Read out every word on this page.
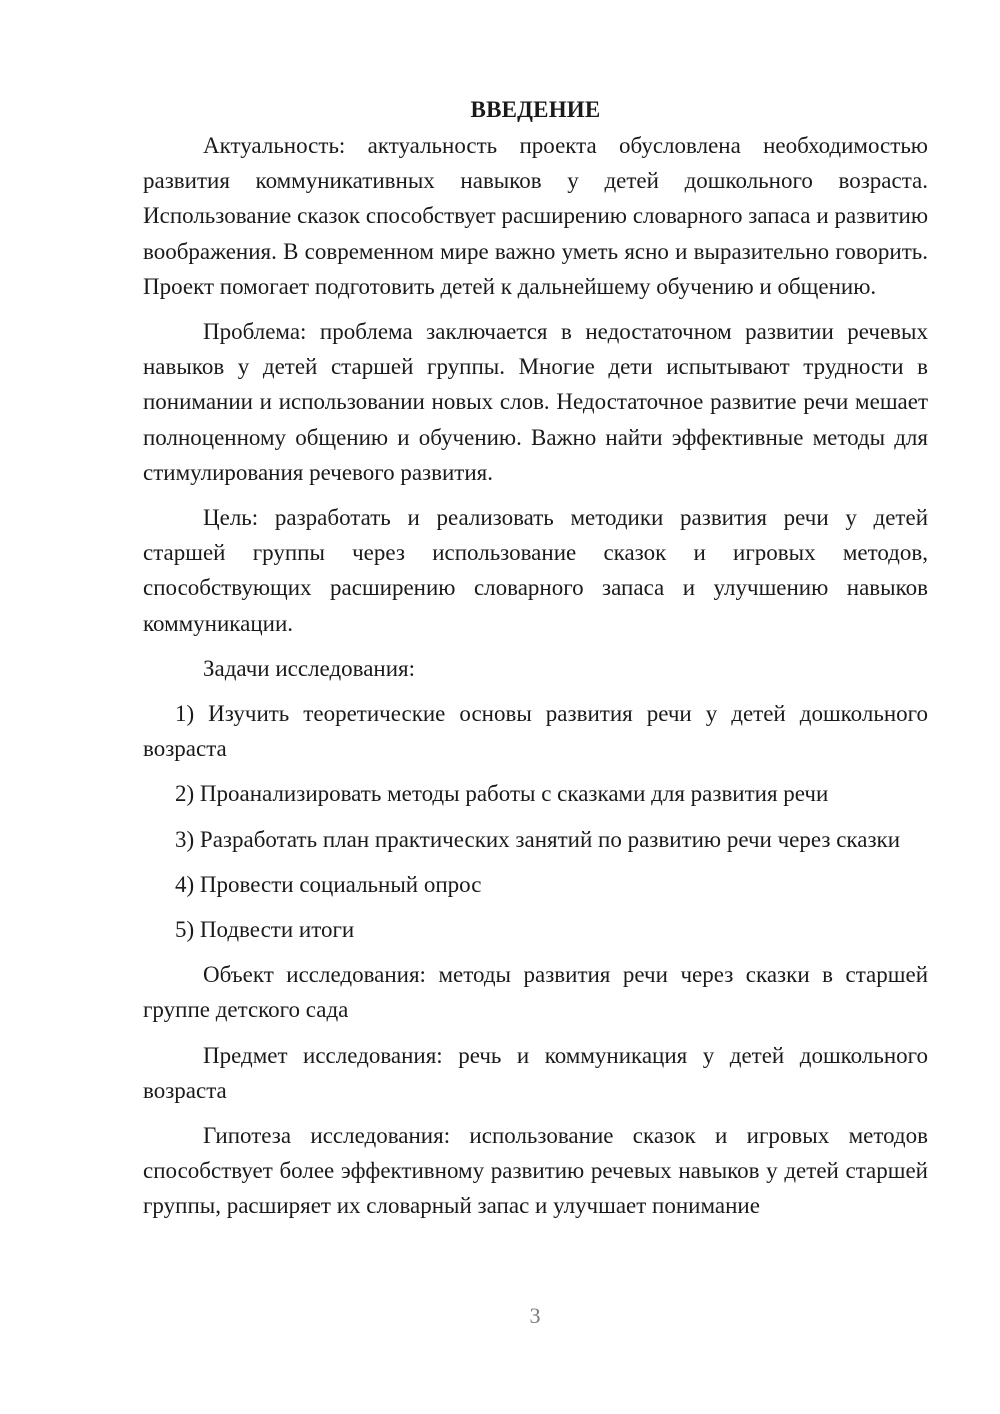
ВВЕДЕНИЕ

Актуальность: актуальность проекта обусловлена необходимостью развития коммуникативных навыков у детей дошкольного возраста. Использование сказок способствует расширению словарного запаса и развитию воображения. В современном мире важно уметь ясно и выразительно говорить. Проект помогает подготовить детей к дальнейшему обучению и общению.

Проблема: проблема заключается в недостаточном развитии речевых навыков у детей старшей группы. Многие дети испытывают трудности в понимании и использовании новых слов. Недостаточное развитие речи мешает полноценному общению и обучению. Важно найти эффективные методы для стимулирования речевого развития.

Цель: разработать и реализовать методики развития речи у детей старшей группы через использование сказок и игровых методов, способствующих расширению словарного запаса и улучшению навыков коммуникации.

Задачи исследования:

1) Изучить теоретические основы развития речи у детей дошкольного возраста

2) Проанализировать методы работы с сказками для развития речи

3) Разработать план практических занятий по развитию речи через сказки

4) Провести социальный опрос

5) Подвести итоги

Объект исследования: методы развития речи через сказки в старшей группе детского сада

Предмет исследования: речь и коммуникация у детей дошкольного возраста

Гипотеза исследования: использование сказок и игровых методов способствует более эффективному развитию речевых навыков у детей старшей группы, расширяет их словарный запас и улучшает понимание

3
